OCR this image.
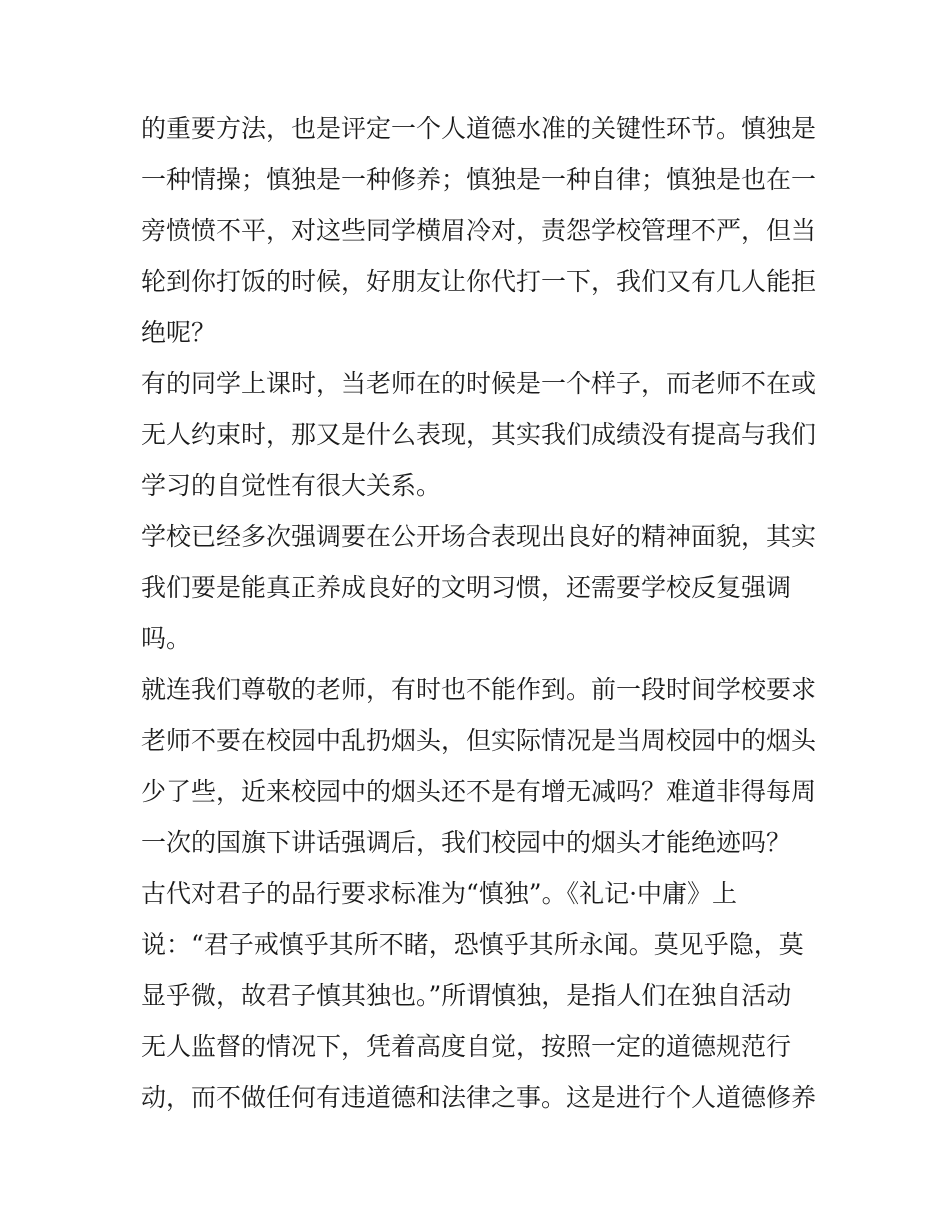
的重要方法，也是评定一个人道德水准的关键性环节。慎独是
一种情操；慎独是一种修养；慎独是一种自律；慎独是也在一
旁愤愤不平，对这些同学横眉冷对，责怨学校管理不严，但当
轮到你打饭的时候，好朋友让你代打一下，我们又有几人能拒
绝呢？
有的同学上课时，当老师在的时候是一个样子，而老师不在或
无人约束时，那又是什么表现，其实我们成绩没有提高与我们
学习的自觉性有很大关系。
学校已经多次强调要在公开场合表现出良好的精神面貌，其实
我们要是能真正养成良好的文明习惯，还需要学校反复强调
吗。
就连我们尊敬的老师，有时也不能作到。前一段时间学校要求
老师不要在校园中乱扔烟头，但实际情况是当周校园中的烟头
少了些，近来校园中的烟头还不是有增无减吗？难道非得每周
一次的国旗下讲话强调后，我们校园中的烟头才能绝迹吗？
古代对君子的品行要求标准为“慎独”。《礼记·中庸》上
说：“君子戒慎乎其所不睹，恐慎乎其所永闻。莫见乎隐，莫
显乎微，故君子慎其独也。”所谓慎独，是指人们在独自活动
无人监督的情况下，凭着高度自觉，按照一定的道德规范行
动，而不做任何有违道德和法律之事。这是进行个人道德修养
